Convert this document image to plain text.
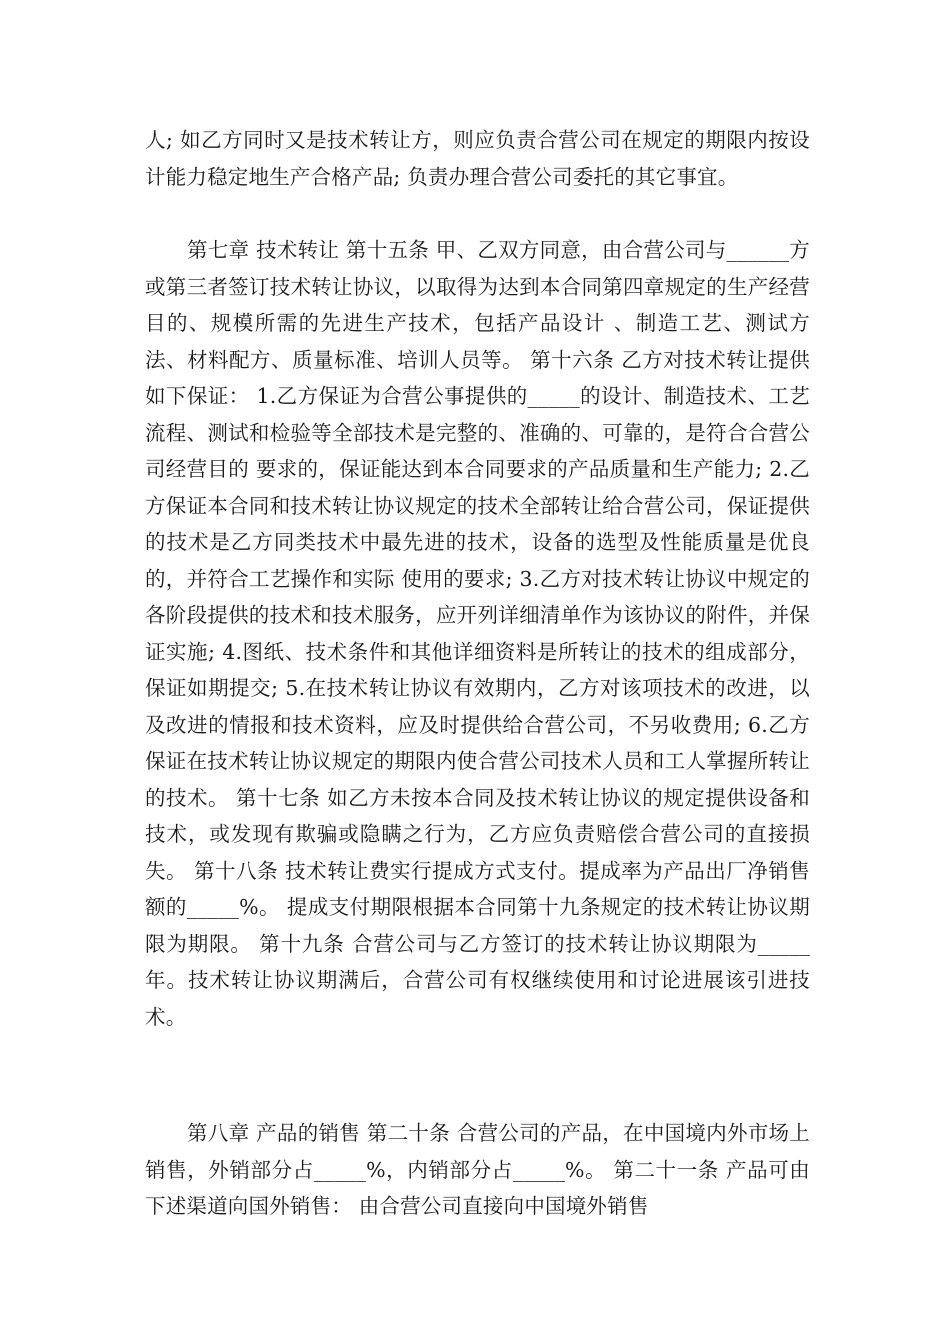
人; 如乙方同时又是技术转让方，则应负责合营公司在规定的期限内按设计能力稳定地生产合格产品; 负责办理合营公司委托的其它事宜。

第七章 技术转让 第十五条 甲、乙双方同意，由合营公司与______方或第三者签订技术转让协议，以取得为达到本合同第四章规定的生产经营目的、规模所需的先进生产技术，包括产品设计 、制造工艺、测试方法、材料配方、质量标准、培训人员等。 第十六条 乙方对技术转让提供如下保证： 1.乙方保证为合营公事提供的_____的设计、制造技术、工艺流程、测试和检验等全部技术是完整的、准确的、可靠的，是符合合营公司经营目的 要求的，保证能达到本合同要求的产品质量和生产能力; 2.乙方保证本合同和技术转让协议规定的技术全部转让给合营公司，保证提供的技术是乙方同类技术中最先进的技术，设备的选型及性能质量是优良的，并符合工艺操作和实际 使用的要求; 3.乙方对技术转让协议中规定的各阶段提供的技术和技术服务，应开列详细清单作为该协议的附件，并保证实施; 4.图纸、技术条件和其他详细资料是所转让的技术的组成部分，保证如期提交; 5.在技术转让协议有效期内，乙方对该项技术的改进，以及改进的情报和技术资料，应及时提供给合营公司，不另收费用; 6.乙方保证在技术转让协议规定的期限内使合营公司技术人员和工人掌握所转让的技术。 第十七条 如乙方未按本合同及技术转让协议的规定提供设备和技术，或发现有欺骗或隐瞒之行为，乙方应负责赔偿合营公司的直接损失。 第十八条 技术转让费实行提成方式支付。提成率为产品出厂净销售额的_____%。 提成支付期限根据本合同第十九条规定的技术转让协议期限为期限。 第十九条 合营公司与乙方签订的技术转让协议期限为_____年。技术转让协议期满后，合营公司有权继续使用和讨论进展该引进技术。

第八章 产品的销售 第二十条 合营公司的产品，在中国境内外市场上销售，外销部分占_____%，内销部分占_____%。 第二十一条 产品可由下述渠道向国外销售： 由合营公司直接向中国境外销售
